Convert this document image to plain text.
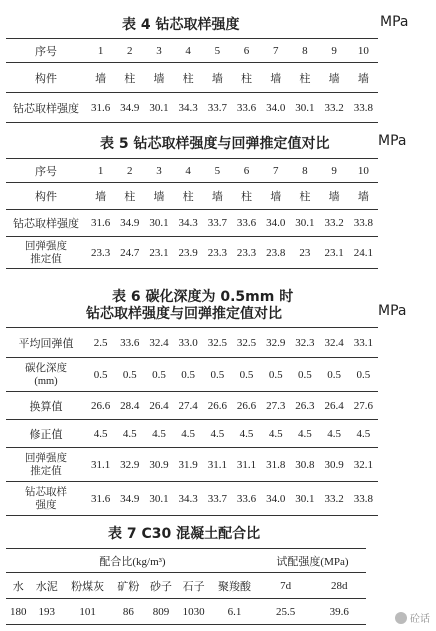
表 4 钻芯取样强度	MPa
序号	1	2	3	4	5	6	7	8	9	10
构件	墙	柱	墙	柱	墙	柱	墙	柱	墙	墙
钻芯取样强度	31.6	34.9	30.1	34.3	33.7	33.6	34.0	30.1	33.2	33.8
表 5 钻芯取样强度与回弹推定值对比	MPa
序号	1	2	3	4	5	6	7	8	9	10
构件	墙	柱	墙	柱	墙	柱	墙	柱	墙	墙
钻芯取样强度	31.6	34.9	30.1	34.3	33.7	33.6	34.0	30.1	33.2	33.8
回弹强度
推定值	23.3	24.7	23.1	23.9	23.3	23.3	23.8	23	23.1	24.1
表 6 碳化深度为 0.5mm 时
钻芯取样强度与回弹推定值对比	MPa
平均回弹值	2.5	33.6	32.4	33.0	32.5	32.5	32.9	32.3	32.4	33.1
碳化深度
(mm)	0.5	0.5	0.5	0.5	0.5	0.5	0.5	0.5	0.5	0.5
换算值	26.6	28.4	26.4	27.4	26.6	26.6	27.3	26.3	26.4	27.6
修正值	4.5	4.5	4.5	4.5	4.5	4.5	4.5	4.5	4.5	4.5
回弹强度
推定值	31.1	32.9	30.9	31.9	31.1	31.1	31.8	30.8	30.9	32.1
钻芯取样
强度	31.6	34.9	30.1	34.3	33.7	33.6	34.0	30.1	33.2	33.8
表 7 C30 混凝土配合比
配合比(kg/m³)							试配强度(MPa)	
水	水泥	粉煤灰	矿粉	砂子	石子	聚羧酸	7d	28d
180	193	101	86	809	1030	6.1	25.5	39.6
砼话
